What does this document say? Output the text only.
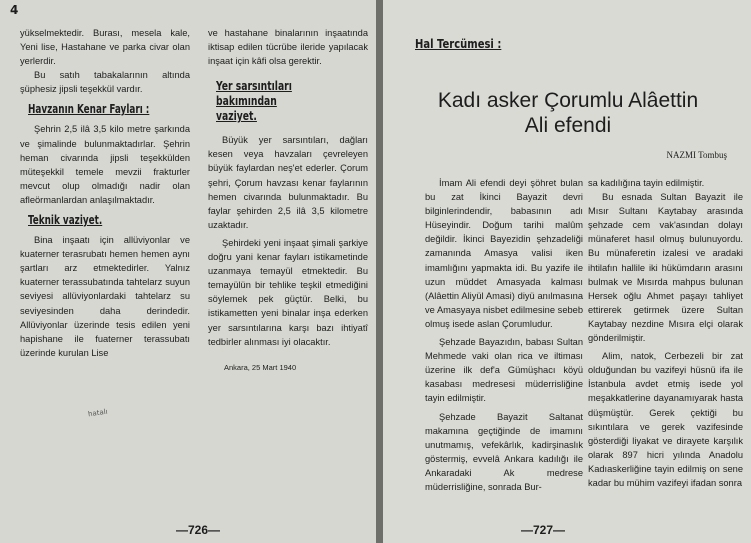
4

yükselmektedir. Burası, mesela kale, Yeni lise, Hastahane ve parka civar olan yerlerdir.

Bu satıh tabakalarının altında şüphesiz jipsli teşekkül vardır.

Havzanın Kenar Fayları :

Şehrin 2,5 ilâ 3,5 kilo metre şarkında ve şimalinde bulunmaktadırlar. Şehrin heman civarında jipsli teşekkülden müteşekkil temele mevzii frakturler mevcut olup olmadığı nadir olan afleörmanlardan anlaşılmaktadır.

Teknik vaziyet.

Bina inşaatı için allüviyonlar ve kuaterner terasrubatı hemen hemen aynı şartları arz etmektedirler. Yalnız kuaterner terassubatında tahtelarz suyun seviyesi allüviyonlardaki tahtelarz su seviyesinden daha derindedir. Allüviyonlar üzerinde tesis edilen yeni hapishane ile fuaterner terassubatı üzerinde kurulan Lise

ve hastahane binalarının inşaatında iktisap edilen tücrübe ileride yapılacak inşaat için kâfi olsa gerektir.

Yer sarsıntıları bakımından vaziyet.

Büyük yer sarsıntıları, dağları kesen veya havzaları çevreleyen büyük faylardan neş'et ederler. Çorum şehri, Çorum havzası kenar faylarının hemen civarında bulunmaktadır. Bu faylar şehirden 2,5 ilâ 3,5 kilometre uzaktadır.

Şehirdeki yeni inşaat şimali şarkiye doğru yani kenar fayları istikametinde uzanmaya temayül etmektedir. Bu temayülün bir tehlike teşkil etmediğini söylemek pek güçtür. Belki, bu istikametten yeni binalar inşa ederken yer sarsıntılarına karşı bazı ihtiyatî tedbirler alınması iyi olacaktır.

Ankara, 25 Mart 1940

hatalı
—726—
Hal Tercümesi :
Kadı asker Çorumlu Alâettin
Ali efendi
NAZMI Tombuş

İmam Ali efendi deyi şöhret bulan bu zat İkinci Bayazit devri bilginlerindendir, babasının adı Hüseyindir. Doğum tarihi malûm değildir. İkinci Bayezidin şehzadeliği zamanında Amasya valisi iken imamlığını yapmakta idi. Bu yazife ile uzun müddet Amasyada kalması (Alâettin Aliyül Amasi) diyü anılmasına ve Amasyaya nisbet edilmesine sebeb olmuş isede aslan Çorumludur.

Şehzade Bayazıdın, babası Sultan Mehmede vaki olan rica ve iltiması üzerine ilk def'a Gümüşhacı köyü kasabası medresesi müderrisliğine tayin edilmiştir.

Şehzade Bayazit Saltanat makamına geçtiğinde de imamını unutmamış, vefekârlık, kadirşinaslık göstermiş, evvelâ Ankara kadılığı ile Ankaradaki Ak medrese müderrisliğine, sonrada Bur-

sa kadılığına tayin edilmiştir.

Bu esnada Sultan Bayazit ile Mısır Sultanı Kaytabay arasında şehzade cem vak'asından dolayı münaferet hasıl olmuş bulunuyordu. Bu münaferetin izalesi ve aradaki ihtilafın hallile iki hükümdarın arasını bulmak ve Mısırda mahpus bulunan Hersek oğlu Ahmet paşayı tahliyet ettirerek getirmek üzere Sultan Kaytabay nezdine Mısıra elçi olarak gönderilmiştir.

Alim, natok, Cerbezeli bir zat olduğundan bu vazifeyi hüsnü ifa ile İstanbula avdet etmiş isede yol meşakkatlerine dayanamıyarak hasta düşmüştür. Gerek çektiği bu sıkıntılara ve gerek vazifesinde gösterdiği liyakat ve dirayete karşılık olarak 897 hicri yılında Anadolu Kadıaskerliğine tayin edilmiş on sene kadar bu mühim vazifeyi ifadan sonra

—727—
